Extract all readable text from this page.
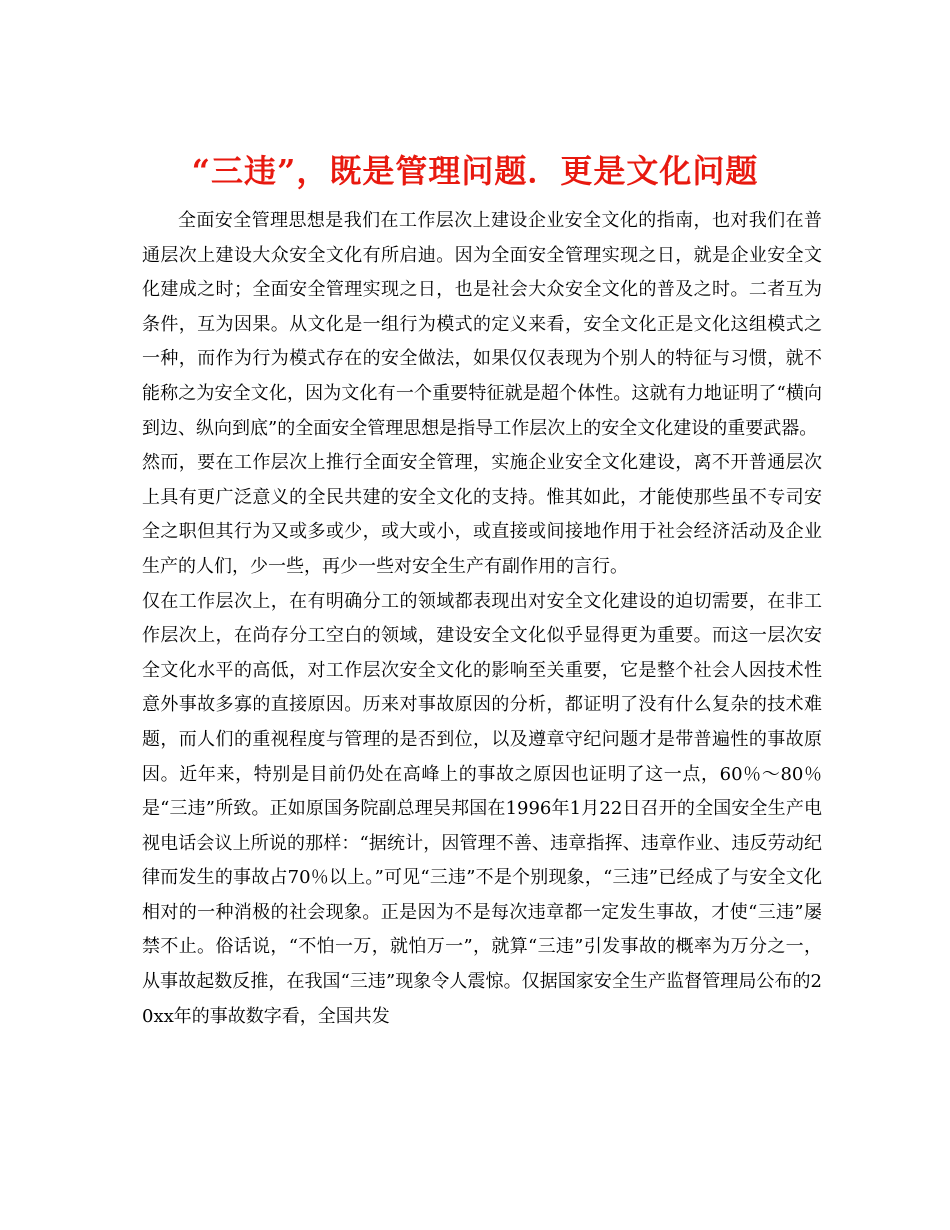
“三违”，既是管理问题．更是文化问题

全面安全管理思想是我们在工作层次上建设企业安全文化的指南，也对我们在普通层次上建设大众安全文化有所启迪。因为全面安全管理实现之日，就是企业安全文化建成之时；全面安全管理实现之日，也是社会大众安全文化的普及之时。二者互为条件，互为因果。从文化是一组行为模式的定义来看，安全文化正是文化这组模式之一种，而作为行为模式存在的安全做法，如果仅仅表现为个别人的特征与习惯，就不能称之为安全文化，因为文化有一个重要特征就是超个体性。这就有力地证明了“横向到边、纵向到底”的全面安全管理思想是指导工作层次上的安全文化建设的重要武器。

然而，要在工作层次上推行全面安全管理，实施企业安全文化建设，离不开普通层次上具有更广泛意义的全民共建的安全文化的支持。惟其如此，才能使那些虽不专司安全之职但其行为又或多或少，或大或小，或直接或间接地作用于社会经济活动及企业生产的人们，少一些，再少一些对安全生产有副作用的言行。

仅在工作层次上，在有明确分工的领域都表现出对安全文化建设的迫切需要，在非工作层次上，在尚存分工空白的领域，建设安全文化似乎显得更为重要。而这一层次安全文化水平的高低，对工作层次安全文化的影响至关重要，它是整个社会人因技术性意外事故多寡的直接原因。历来对事故原因的分析，都证明了没有什么复杂的技术难题，而人们的重视程度与管理的是否到位，以及遵章守纪问题才是带普遍性的事故原因。近年来，特别是目前仍处在高峰上的事故之原因也证明了这一点，60％～80％是“三违”所致。正如原国务院副总理吴邦国在1996年1月22日召开的全国安全生产电视电话会议上所说的那样：“据统计，因管理不善、违章指挥、违章作业、违反劳动纪律而发生的事故占70％以上。”可见“三违”不是个别现象，“三违”已经成了与安全文化相对的一种消极的社会现象。正是因为不是每次违章都一定发生事故，才使“三违”屡禁不止。俗话说，“不怕一万，就怕万一”，就算“三违”引发事故的概率为万分之一，从事故起数反推，在我国“三违”现象令人震惊。仅据国家安全生产监督管理局公布的20xx年的事故数字看，全国共发
